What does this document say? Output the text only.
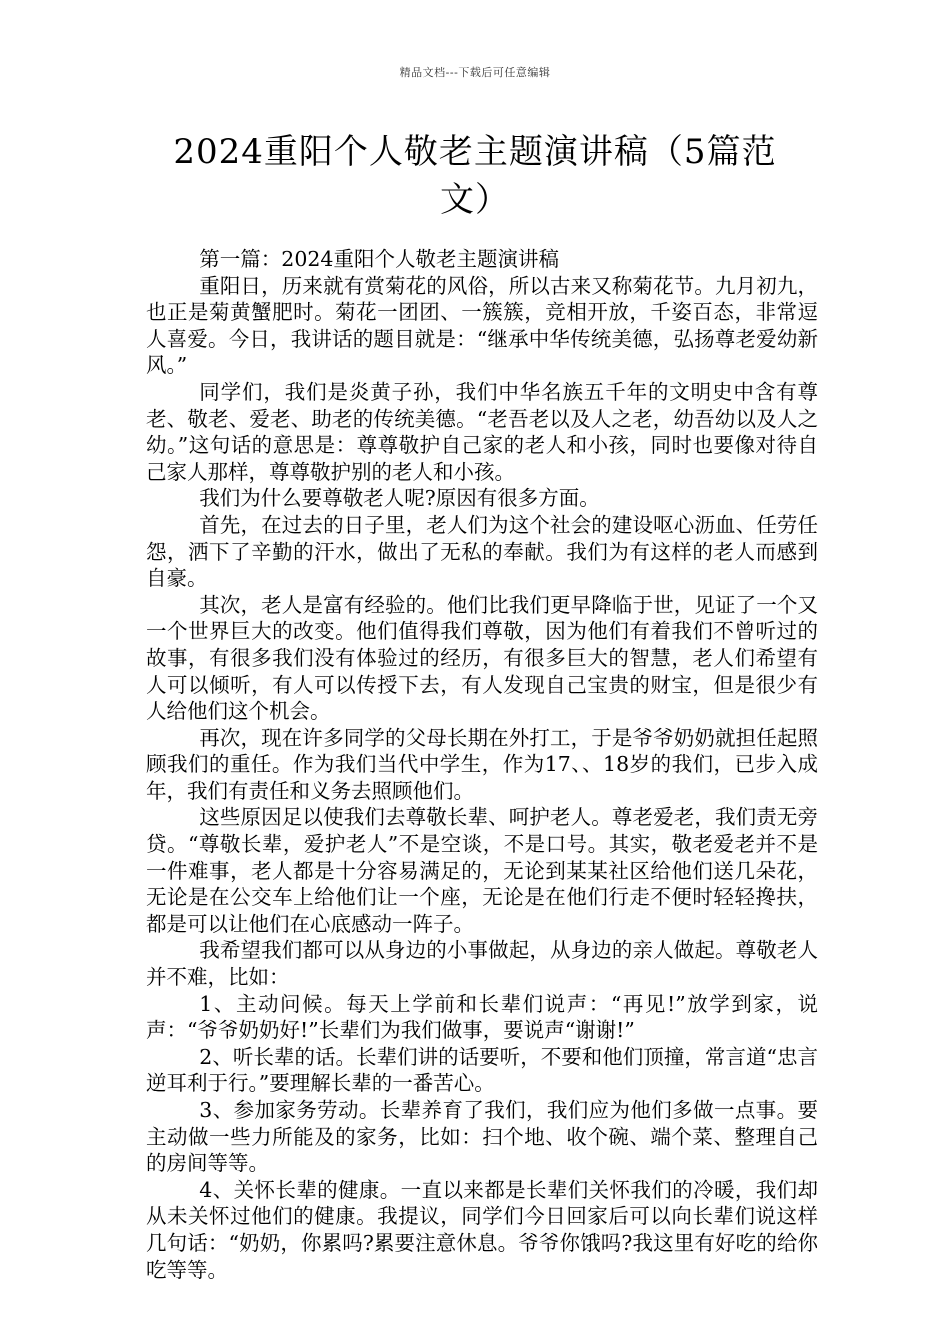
精品文档---下载后可任意编辑
2024重阳个人敬老主题演讲稿（5篇范文）

第一篇：2024重阳个人敬老主题演讲稿

重阳日，历来就有赏菊花的风俗，所以古来又称菊花节。九月初九，也正是菊黄蟹肥时。菊花一团团、一簇簇，竞相开放，千姿百态，非常逗人喜爱。今日，我讲话的题目就是：“继承中华传统美德，弘扬尊老爱幼新风。”

同学们，我们是炎黄子孙，我们中华名族五千年的文明史中含有尊老、敬老、爱老、助老的传统美德。“老吾老以及人之老，幼吾幼以及人之幼。”这句话的意思是：尊尊敬护自己家的老人和小孩，同时也要像对待自己家人那样，尊尊敬护别的老人和小孩。

我们为什么要尊敬老人呢?原因有很多方面。

首先，在过去的日子里，老人们为这个社会的建设呕心沥血、任劳任怨，洒下了辛勤的汗水，做出了无私的奉献。我们为有这样的老人而感到自豪。

其次，老人是富有经验的。他们比我们更早降临于世，见证了一个又一个世界巨大的改变。他们值得我们尊敬，因为他们有着我们不曾听过的故事，有很多我们没有体验过的经历，有很多巨大的智慧，老人们希望有人可以倾听，有人可以传授下去，有人发现自己宝贵的财宝，但是很少有人给他们这个机会。

再次，现在许多同学的父母长期在外打工，于是爷爷奶奶就担任起照顾我们的重任。作为我们当代中学生，作为17、、18岁的我们，已步入成年，我们有责任和义务去照顾他们。

这些原因足以使我们去尊敬长辈、呵护老人。尊老爱老，我们责无旁贷。“尊敬长辈，爱护老人”不是空谈，不是口号。其实，敬老爱老并不是一件难事，老人都是十分容易满足的，无论到某某社区给他们送几朵花，无论是在公交车上给他们让一个座，无论是在他们行走不便时轻轻搀扶，都是可以让他们在心底感动一阵子。

我希望我们都可以从身边的小事做起，从身边的亲人做起。尊敬老人并不难，比如：

1、主动问候。每天上学前和长辈们说声：“再见!”放学到家，说声：“爷爷奶奶好!”长辈们为我们做事，要说声“谢谢!”

2、听长辈的话。长辈们讲的话要听，不要和他们顶撞，常言道“忠言逆耳利于行。”要理解长辈的一番苦心。

3、参加家务劳动。长辈养育了我们，我们应为他们多做一点事。要主动做一些力所能及的家务，比如：扫个地、收个碗、端个菜、整理自己的房间等等。

4、关怀长辈的健康。一直以来都是长辈们关怀我们的冷暖，我们却从未关怀过他们的健康。我提议，同学们今日回家后可以向长辈们说这样几句话：“奶奶，你累吗?累要注意休息。爷爷你饿吗?我这里有好吃的给你吃等等。
